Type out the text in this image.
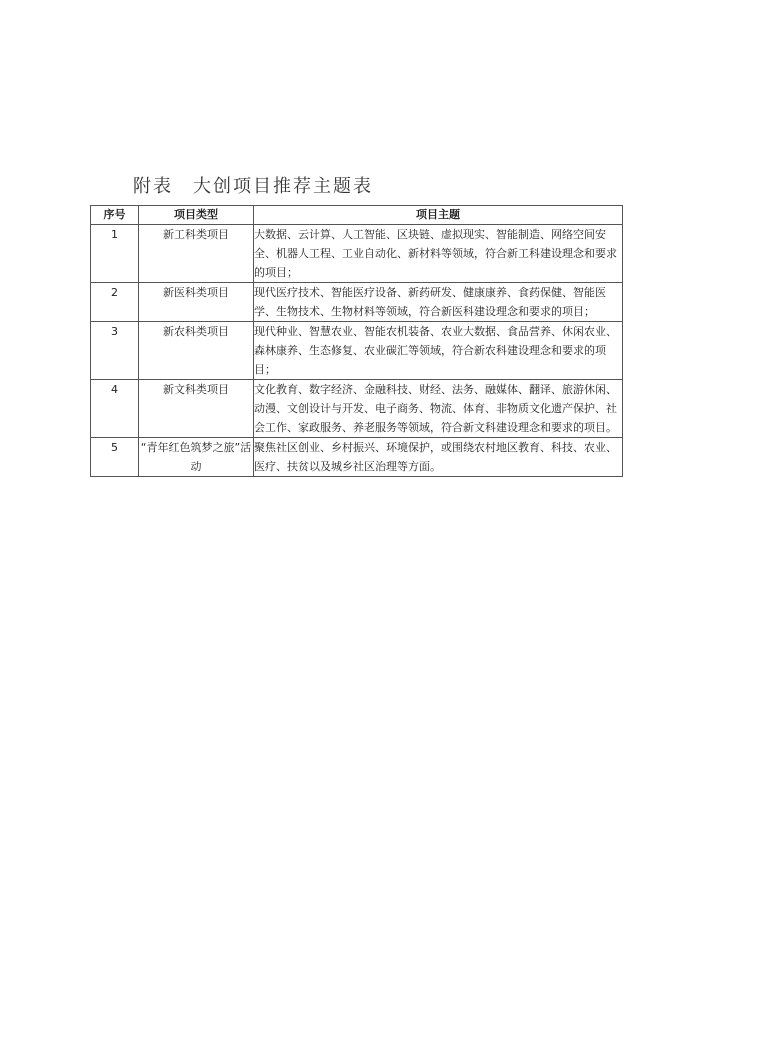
附表 大创项目推荐主题表
序号	项目类型	项目主题
1	新工科类项目	大数据、云计算、人工智能、区块链、虚拟现实、智能制造、网络空间安全、机器人工程、工业自动化、新材料等领域，符合新工科建设理念和要求的项目；
2	新医科类项目	现代医疗技术、智能医疗设备、新药研发、健康康养、食药保健、智能医学、生物技术、生物材料等领域，符合新医科建设理念和要求的项目；
3	新农科类项目	现代种业、智慧农业、智能农机装备、农业大数据、食品营养、休闲农业、森林康养、生态修复、农业碳汇等领域，符合新农科建设理念和要求的项目；
4	新文科类项目	文化教育、数字经济、金融科技、财经、法务、融媒体、翻译、旅游休闲、动漫、文创设计与开发、电子商务、物流、体育、非物质文化遗产保护、社会工作、家政服务、养老服务等领域，符合新文科建设理念和要求的项目。
5	“青年红色筑梦之旅”活动	聚焦社区创业、乡村振兴、环境保护，或围绕农村地区教育、科技、农业、医疗、扶贫以及城乡社区治理等方面。
